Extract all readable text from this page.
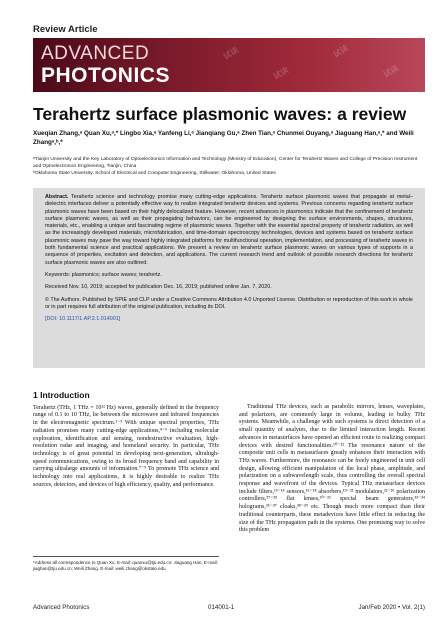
Review Article
ADVANCED
PHOTONICS
试读
试读
试读
试读
Terahertz surface plasmonic waves: a review
Xueqian Zhang,ᵃ Quan Xu,ᵃ,* Lingbo Xia,ᵃ Yanfeng Li,ᵃ Jianqiang Gu,ᵃ Zhen Tian,ᵃ Chunmei Ouyang,ᵃ Jiaguang Han,ᵃ,* and Weili Zhangᵃ,ᵇ,*
ᵃTianjin University and the Key Laboratory of Optoelectronics Information and Technology (Ministry of Education), Center for Terahertz Waves and College of Precision Instrument and Optoelectronics Engineering, Tianjin, China
ᵇOklahoma State University, School of Electrical and Computer Engineering, Stillwater, Oklahoma, United States

Abstract. Terahertz science and technology promise many cutting-edge applications. Terahertz surface plasmonic waves that propagate at metal–dielectric interfaces deliver a potentially effective way to realize integrated terahertz devices and systems. Previous concerns regarding terahertz surface plasmonic waves have been based on their highly delocalized feature. However, recent advances in plasmonics indicate that the confinement of terahertz surface plasmonic waves, as well as their propagating behaviors, can be engineered by designing the surface environments, shapes, structures, materials, etc., enabling a unique and fascinating regime of plasmonic waves. Together with the essential spectral property of terahertz radiation, as well as the increasingly developed materials, microfabrication, and time-domain spectroscopy technologies, devices and systems based on terahertz surface plasmonic waves may pave the way toward highly integrated platforms for multifunctional operation, implementation, and processing of terahertz waves in both fundamental science and practical applications. We present a review on terahertz surface plasmonic waves on various types of supports in a sequence of properties, excitation and detection, and applications. The current research trend and outlook of possible research directions for terahertz surface plasmonic waves are also outlined.

Keywords: plasmonics; surface waves; terahertz.

Received Nov. 10, 2019; accepted for publication Dec. 16, 2019; published online Jan. 7, 2020.

© The Authors. Published by SPIE and CLP under a Creative Commons Attribution 4.0 Unported License. Distribution or reproduction of this work in whole or in part requires full attribution of the original publication, including its DOI.

[DOI: 10.1117/1.AP.2.1.014001]

1 Introduction

Terahertz (THz, 1 THz = 10¹² Hz) waves, generally defined in the frequency range of 0.1 to 10 THz, lie between the microwave and infrared frequencies in the electromagnetic spectrum.¹⁻³ With unique spectral properties, THz radiation promises many cutting-edge applications,⁴⁻⁶ including molecular exploration, identification and sensing, nondestructive evaluation, high-resolution radar and imaging, and homeland security. In particular, THz technology is of great potential in developing next-generation, ultrahigh-speed communications, owing to its broad frequency band and capability in carrying ultralarge amounts of information.⁷⁻⁹ To promote THz science and technology into real applications, it is highly desirable to realize THz sources, detectors, and devices of high efficiency, quality, and performance.

Traditional THz devices, such as parabolic mirrors, lenses, waveplates, and polarizers, are commonly large in volume, leading to bulky THz systems. Meanwhile, a challenge with such systems is direct detection of a small quantity of analytes, due to the limited interaction length. Recent advances in metasurfaces have opened an efficient route to realizing compact devices with desired functionalities.¹⁰⁻¹² The resonance nature of the composite unit cells in metasurfaces greatly enhances their interaction with THz waves. Furthermore, the resonance can be freely engineered in unit cell design, allowing efficient manipulation of the local phase, amplitude, and polarization on a subwavelength scale, thus controlling the overall spectral response and wavefront of the devices. Typical THz metasurface devices include filters,¹³⁻¹⁴ sensors,¹⁵⁻¹⁸ absorbers,¹⁹⁻²¹ modulators,²²⁻²⁶ polarization controllers,²⁷⁻²⁹ flat lenses,³⁰⁻³² special beam generators,³³⁻³⁴ holograms,³⁵⁻³⁷ cloaks,³⁸⁻³⁹ etc. Though much more compact than their traditional counterparts, these metadevices have little effect in reducing the size of the THz propagation path in the systems. One promising way to solve this problem

*Address all correspondence to Quan Xu, E-mail: quanxu@tju.edu.cn; Jiaguang Han, E-mail: jiaghan@tju.edu.cn; Weili Zhang, E-mail: weili.zhang@okstate.edu
Advanced Photonics	014001-1	Jan/Feb 2020 • Vol. 2(1)
